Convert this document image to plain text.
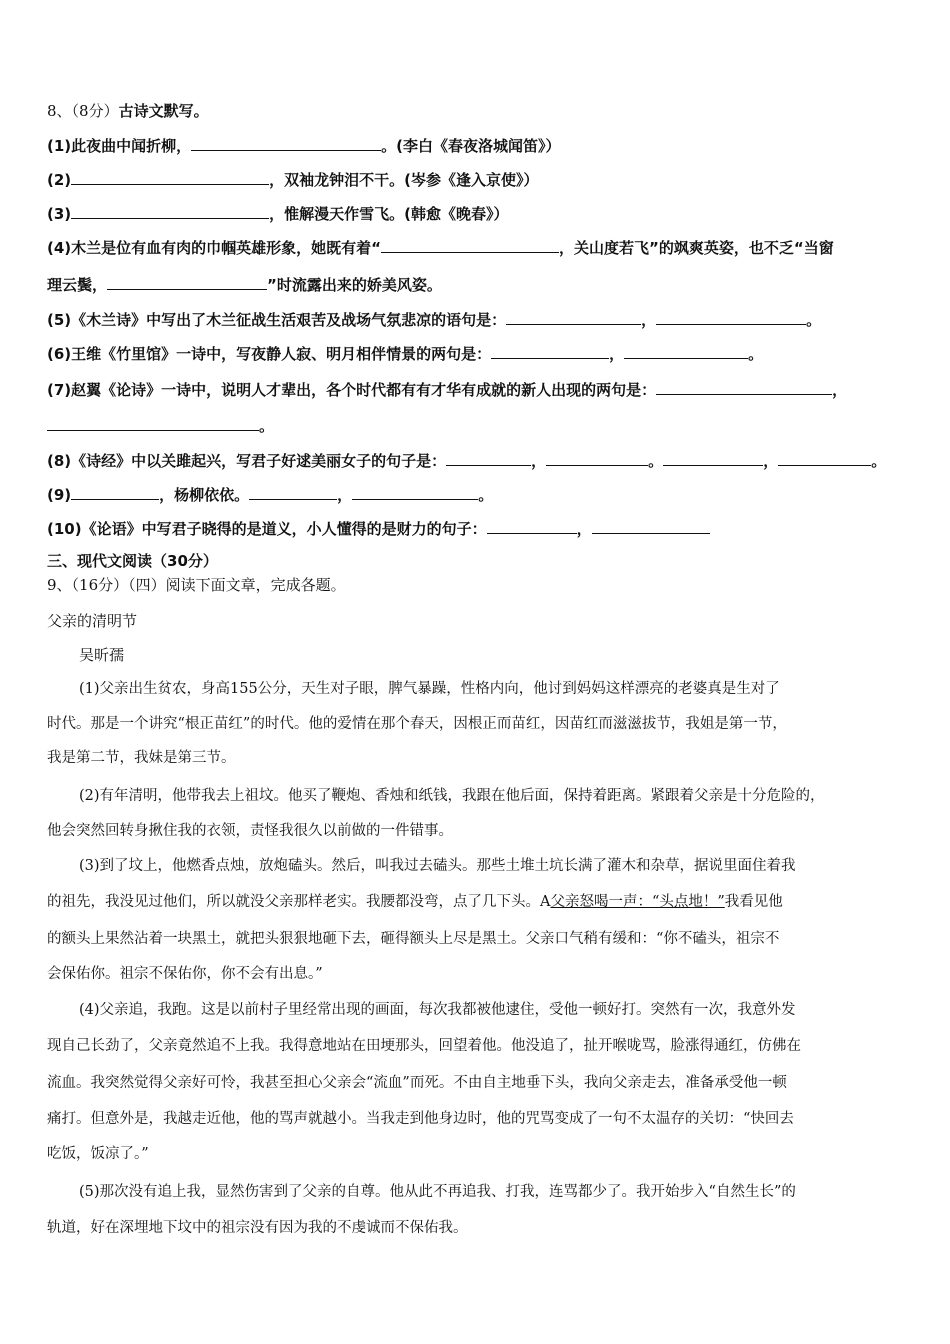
8、（8分）古诗文默写。
(1)此夜曲中闻折柳，	。(李白《春夜洛城闻笛》）
(2)	，双袖龙钟泪不干。(岑参《逢入京使》）
(3)	，惟解漫天作雪飞。(韩愈《晚春》）
(4)木兰是位有血有肉的巾帼英雄形象，她既有着“	，关山度若飞”的飒爽英姿，也不乏“当窗
理云鬓，	”时流露出来的娇美风姿。
(5)《木兰诗》中写出了木兰征战生活艰苦及战场气氛悲凉的语句是：	，	。
(6)王维《竹里馆》一诗中，写夜静人寂、明月相伴情景的两句是：	，	。
(7)赵翼《论诗》一诗中，说明人才辈出，各个时代都有有才华有成就的新人出现的两句是：	，
。
(8)《诗经》中以关雎起兴，写君子好逑美丽女子的句子是：	，	。	，	。
(9)	，杨柳依依。	，	。
(10)《论语》中写君子晓得的是道义，小人懂得的是财力的句子：	，
三、现代文阅读（30分）
9、（16分）（四）阅读下面文章，完成各题。
父亲的清明节
吴昕孺
(1)父亲出生贫农，身高155公分，天生对子眼，脾气暴躁，性格内向，他讨到妈妈这样漂亮的老婆真是生对了
时代。那是一个讲究“根正苗红”的时代。他的爱情在那个春天，因根正而苗红，因苗红而滋滋拔节，我姐是第一节，
我是第二节，我妹是第三节。
(2)有年清明，他带我去上祖坟。他买了鞭炮、香烛和纸钱，我跟在他后面，保持着距离。紧跟着父亲是十分危险的，
他会突然回转身揪住我的衣领，责怪我很久以前做的一件错事。
(3)到了坟上，他燃香点烛，放炮磕头。然后，叫我过去磕头。那些土堆土坑长满了灌木和杂草，据说里面住着我
的祖先，我没见过他们，所以就没父亲那样老实。我腰都没弯，点了几下头。A父亲怒喝一声：“头点地！”我看见他
的额头上果然沾着一块黑土，就把头狠狠地砸下去，砸得额头上尽是黑土。父亲口气稍有缓和：“你不磕头，祖宗不
会保佑你。祖宗不保佑你，你不会有出息。”
(4)父亲追，我跑。这是以前村子里经常出现的画面，每次我都被他逮住，受他一顿好打。突然有一次，我意外发
现自己长劲了，父亲竟然追不上我。我得意地站在田埂那头，回望着他。他没追了，扯开喉咙骂，脸涨得通红，仿佛在
流血。我突然觉得父亲好可怜，我甚至担心父亲会“流血”而死。不由自主地垂下头，我向父亲走去，准备承受他一顿
痛打。但意外是，我越走近他，他的骂声就越小。当我走到他身边时，他的咒骂变成了一句不太温存的关切：“快回去
吃饭，饭凉了。”
(5)那次没有追上我，显然伤害到了父亲的自尊。他从此不再追我、打我，连骂都少了。我开始步入“自然生长”的
轨道，好在深埋地下坟中的祖宗没有因为我的不虔诚而不保佑我。
